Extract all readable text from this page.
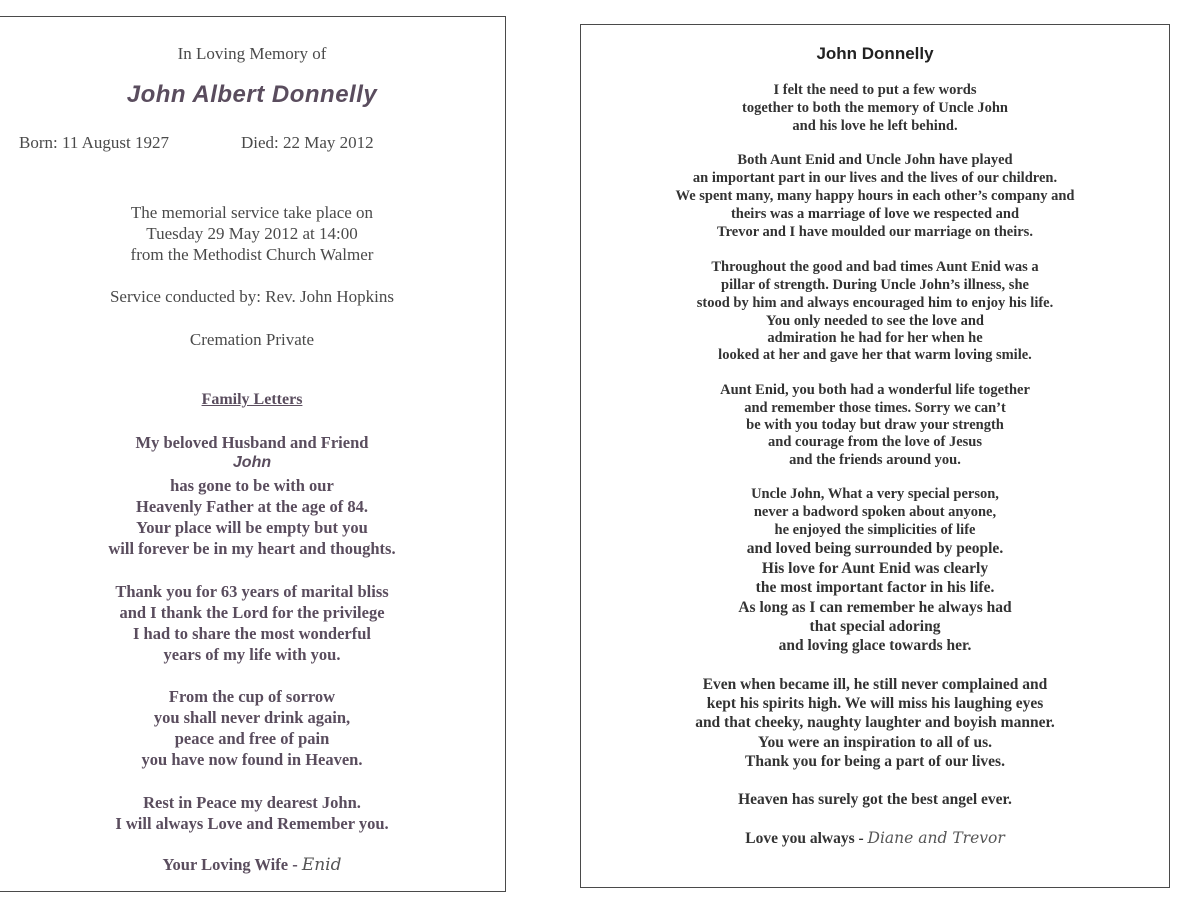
In Loving Memory of
John Albert Donnelly
Born: 11 August 1927	Died: 22 May 2012
The memorial service take place on
Tuesday 29 May 2012 at 14:00
from the Methodist Church Walmer
Service conducted by: Rev. John Hopkins
Cremation Private
Family Letters
My beloved Husband and Friend
John
has gone to be with our
Heavenly Father at the age of 84.
Your place will be empty but you
will forever be in my heart and thoughts.
Thank you for 63 years of marital bliss
and I thank the Lord for the privilege
I had to share the most wonderful
years of my life with you.
From the cup of sorrow
you shall never drink again,
peace and free of pain
you have now found in Heaven.
Rest in Peace my dearest John.
I will always Love and Remember you.
Your Loving Wife - Enid
John Donnelly
I felt the need to put a few words
together to both the memory of Uncle John
and his love he left behind.
Both Aunt Enid and Uncle John have played
an important part in our lives and the lives of our children.
We spent many, many happy hours in each other’s company and
theirs was a marriage of love we respected and
Trevor and I have moulded our marriage on theirs.
Throughout the good and bad times Aunt Enid was a
pillar of strength. During Uncle John’s illness, she
stood by him and always encouraged him to enjoy his life.
You only needed to see the love and
admiration he had for her when he
looked at her and gave her that warm loving smile.
Aunt Enid, you both had a wonderful life together
and remember those times. Sorry we can’t
be with you today but draw your strength
and courage from the love of Jesus
and the friends around you.
Uncle John, What a very special person,
never a badword spoken about anyone,
he enjoyed the simplicities of life
and loved being surrounded by people.
His love for Aunt Enid was clearly
the most important factor in his life.
As long as I can remember he always had
that special adoring
and loving glace towards her.
Even when became ill, he still never complained and
kept his spirits high. We will miss his laughing eyes
and that cheeky, naughty laughter and boyish manner.
You were an inspiration to all of us.
Thank you for being a part of our lives.
Heaven has surely got the best angel ever.
Love you always - Diane and Trevor
